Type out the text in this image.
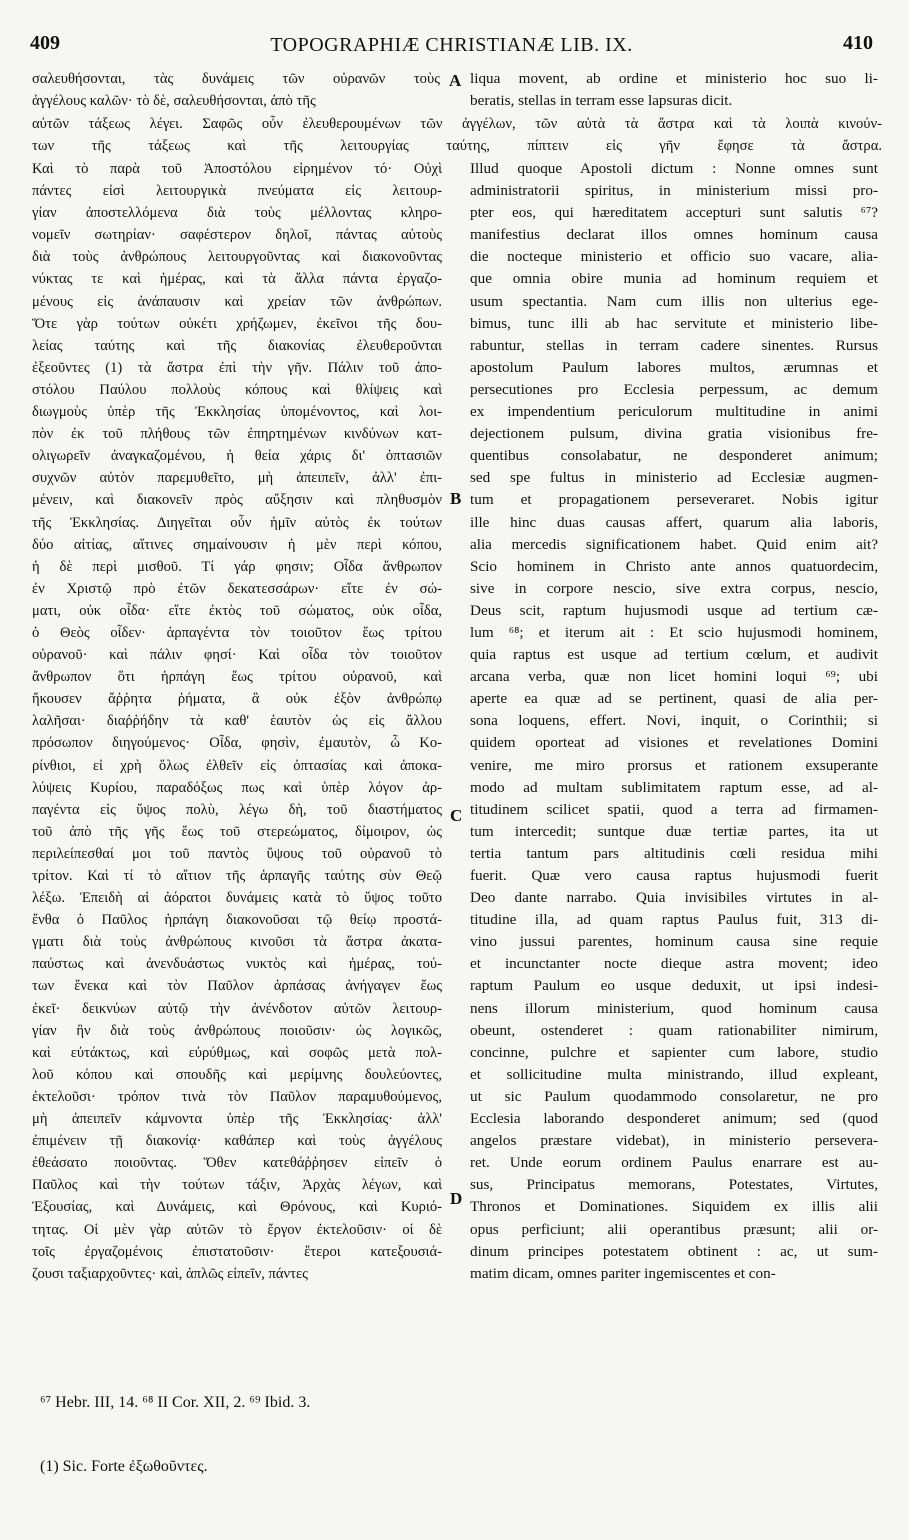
409	TOPOGRAPHIÆ CHRISTIANÆ LIB. IX.	410
σαλευθήσονται, τὰς δυνάμεις τῶν οὐρανῶν τοὺς
ἀγγέλους καλῶν· τὸ δὲ, σαλευθήσονται, ἀπὸ τῆς
liqua movent, ab ordine et ministerio hoc suo li-
beratis, stellas in terram esse lapsuras dicit.
αὐτῶν τάξεως λέγει. Σαφῶς οὖν ἐλευθερουμένων τῶν ἀγγέλων, τῶν αὐτὰ τὰ ἄστρα καὶ τὰ λοιπὰ κινούν-
των τῆς τάξεως καὶ τῆς λειτουργίας ταύτης, πίπτειν εἰς γῆν ἔφησε τὰ ἄστρα.
Καὶ τὸ παρὰ τοῦ Ἀποστόλου εἰρημένον τό· Οὐχὶ
πάντες εἰσὶ λειτουργικὰ πνεύματα εἰς λειτουρ-
γίαν ἀποστελλόμενα διὰ τοὺς μέλλοντας κληρο-
νομεῖν σωτηρίαν· σαφέστερον δηλοῖ, πάντας αὐτοὺς
διὰ τοὺς ἀνθρώπους λειτουργοῦντας καὶ διακονοῦντας
νύκτας τε καὶ ἡμέρας, καὶ τὰ ἄλλα πάντα ἐργαζο-
μένους εἰς ἀνάπαυσιν καὶ χρείαν τῶν ἀνθρώπων.
Ὅτε γὰρ τούτων οὐκέτι χρήζωμεν, ἐκεῖνοι τῆς δου-
λείας ταύτης καὶ τῆς διακονίας ἐλευθεροῦνται
ἐξεοῦντες (1) τὰ ἄστρα ἐπὶ τὴν γῆν. Πάλιν τοῦ ἀπο-
στόλου Παύλου πολλοὺς κόπους καὶ θλίψεις καὶ
διωγμοὺς ὑπὲρ τῆς Ἐκκλησίας ὑπομένοντος, καὶ λοι-
πὸν ἐκ τοῦ πλήθους τῶν ἐπηρτημένων κινδύνων κατ-
ολιγωρεῖν ἀναγκαζομένου, ἡ θεία χάρις δι' ὀπτασιῶν
συχνῶν αὐτὸν παρεμυθεῖτο, μὴ ἀπειπεῖν, ἀλλ' ἐπι-
μένειν, καὶ διακονεῖν πρὸς αὔξησιν καὶ πληθυσμὸν
τῆς Ἐκκλησίας. Διηγεῖται οὖν ἡμῖν αὐτὸς ἐκ τούτων
δύο αἰτίας, αἵτινες σημαίνουσιν ἡ μὲν περὶ κόπου,
ἡ δὲ περὶ μισθοῦ. Τί γάρ φησιν; Οἶδα ἄνθρωπον
ἐν Χριστῷ πρὸ ἐτῶν δεκατεσσάρων· εἴτε ἐν σώ-
ματι, οὐκ οἶδα· εἴτε ἐκτὸς τοῦ σώματος, οὐκ οἶδα,
ὁ Θεὸς οἶδεν· ἁρπαγέντα τὸν τοιοῦτον ἕως τρίτου
οὐρανοῦ· καὶ πάλιν φησί· Καὶ οἶδα τὸν τοιοῦτον
ἄνθρωπον ὅτι ἡρπάγη ἕως τρίτου οὐρανοῦ, καὶ
ἤκουσεν ἄῤῥητα ῥήματα, ἃ οὐκ ἐξὸν ἀνθρώπῳ
λαλῆσαι· διαῤῥήδην τὰ καθ' ἑαυτὸν ὡς εἰς ἄλλου
πρόσωπον διηγούμενος· Οἶδα, φησὶν, ἐμαυτὸν, ὦ Κο-
ρίνθιοι, εἰ χρὴ ὅλως ἐλθεῖν εἰς ὀπτασίας καὶ ἀποκα-
λύψεις Κυρίου, παραδόξως πως καὶ ὑπὲρ λόγον ἀρ-
παγέντα εἰς ὕψος πολὺ, λέγω δὴ, τοῦ διαστήματος
τοῦ ἀπὸ τῆς γῆς ἕως τοῦ στερεώματος, δίμοιρον, ὡς
περιλείπεσθαί μοι τοῦ παντὸς ὕψους τοῦ οὐρανοῦ τὸ
τρίτον. Καὶ τί τὸ αἴτιον τῆς ἁρπαγῆς ταύτης σὺν Θεῷ
λέξω. Ἐπειδὴ αἱ ἀόρατοι δυνάμεις κατὰ τὸ ὕψος τοῦτο
ἔνθα ὁ Παῦλος ἡρπάγη διακονοῦσαι τῷ θείῳ προστά-
γματι διὰ τοὺς ἀνθρώπους κινοῦσι τὰ ἄστρα ἀκατα-
παύστως καὶ ἀνενδυάστως νυκτὸς καὶ ἡμέρας, τού-
των ἕνεκα καὶ τὸν Παῦλον ἁρπάσας ἀνήγαγεν ἕως
ἐκεῖ· δεικνύων αὐτῷ τὴν ἀνένδοτον αὐτῶν λειτουρ-
γίαν ἣν διὰ τοὺς ἀνθρώπους ποιοῦσιν· ὡς λογικῶς,
καὶ εὐτάκτως, καὶ εὐρύθμως, καὶ σοφῶς μετὰ πολ-
λοῦ κόπου καὶ σπουδῆς καὶ μερίμνης δουλεύοντες,
ἐκτελοῦσι· τρόπον τινὰ τὸν Παῦλον παραμυθούμενος,
μὴ ἀπειπεῖν κάμνοντα ὑπὲρ τῆς Ἐκκλησίας· ἀλλ'
ἐπιμένειν τῇ διακονίᾳ· καθάπερ καὶ τοὺς ἀγγέλους
ἐθεάσατο ποιοῦντας. Ὅθεν κατεθάῤῥησεν εἰπεῖν ὁ
Παῦλος καὶ τὴν τούτων τάξιν, Ἀρχὰς λέγων, καὶ
Ἐξουσίας, καὶ Δυνάμεις, καὶ Θρόνους, καὶ Κυριό-
τητας. Οἱ μὲν γὰρ αὐτῶν τὸ ἔργον ἐκτελοῦσιν· οἱ δὲ
τοῖς ἐργαζομένοις ἐπιστατοῦσιν· ἕτεροι κατεξουσιά-
ζουσι ταξιαρχοῦντες· καὶ, ἁπλῶς εἰπεῖν, πάντες
Illud quoque Apostoli dictum : Nonne omnes sunt
administratorii spiritus, in ministerium missi pro-
pter eos, qui hæreditatem accepturi sunt salutis ⁶⁷?
manifestius declarat illos omnes hominum causa
die nocteque ministerio et officio suo vacare, alia-
que omnia obire munia ad hominum requiem et
usum spectantia. Nam cum illis non ulterius ege-
bimus, tunc illi ab hac servitute et ministerio libe-
rabuntur, stellas in terram cadere sinentes. Rursus
apostolum Paulum labores multos, ærumnas et
persecutiones pro Ecclesia perpessum, ac demum
ex impendentium periculorum multitudine in animi
dejectionem pulsum, divina gratia visionibus fre-
quentibus consolabatur, ne desponderet animum;
sed spe fultus in ministerio ad Ecclesiæ augmen-
tum et propagationem perseveraret. Nobis igitur
ille hinc duas causas affert, quarum alia laboris,
alia mercedis significationem habet. Quid enim ait?
Scio hominem in Christo ante annos quatuordecim,
sive in corpore nescio, sive extra corpus, nescio,
Deus scit, raptum hujusmodi usque ad tertium cæ-
lum ⁶⁸; et iterum ait : Et scio hujusmodi hominem,
quia raptus est usque ad tertium cœlum, et audivit
arcana verba, quæ non licet homini loqui ⁶⁹; ubi
aperte ea quæ ad se pertinent, quasi de alia per-
sona loquens, effert. Novi, inquit, o Corinthii; si
quidem oporteat ad visiones et revelationes Domini
venire, me miro prorsus et rationem exsuperante
modo ad multam sublimitatem raptum esse, ad al-
titudinem scilicet spatii, quod a terra ad firmamen-
tum intercedit; suntque duæ tertiæ partes, ita ut
tertia tantum pars altitudinis cœli residua mihi
fuerit. Quæ vero causa raptus hujusmodi fuerit
Deo dante narrabo. Quia invisibiles virtutes in al-
titudine illa, ad quam raptus Paulus fuit, 313 di-
vino jussui parentes, hominum causa sine requie
et incunctanter nocte dieque astra movent; ideo
raptum Paulum eo usque deduxit, ut ipsi indesi-
nens illorum ministerium, quod hominum causa
obeunt, ostenderet : quam rationabiliter nimirum,
concinne, pulchre et sapienter cum labore, studio
et sollicitudine multa ministrando, illud expleant,
ut sic Paulum quodammodo consolaretur, ne pro
Ecclesia laborando desponderet animum; sed (quod
angelos præstare videbat), in ministerio persevera-
ret. Unde eorum ordinem Paulus enarrare est au-
sus, Principatus memorans, Potestates, Virtutes,
Thronos et Dominationes. Siquidem ex illis alii
opus perficiunt; alii operantibus præsunt; alii or-
dinum principes potestatem obtinent : ac, ut sum-
matim dicam, omnes pariter ingemiscentes et con-
A
B
C
D
⁶⁷ Hebr. III, 14. ⁶⁸ II Cor. XII, 2. ⁶⁹ Ibid. 3.
(1) Sic. Forte ἐξωθοῦντες.
